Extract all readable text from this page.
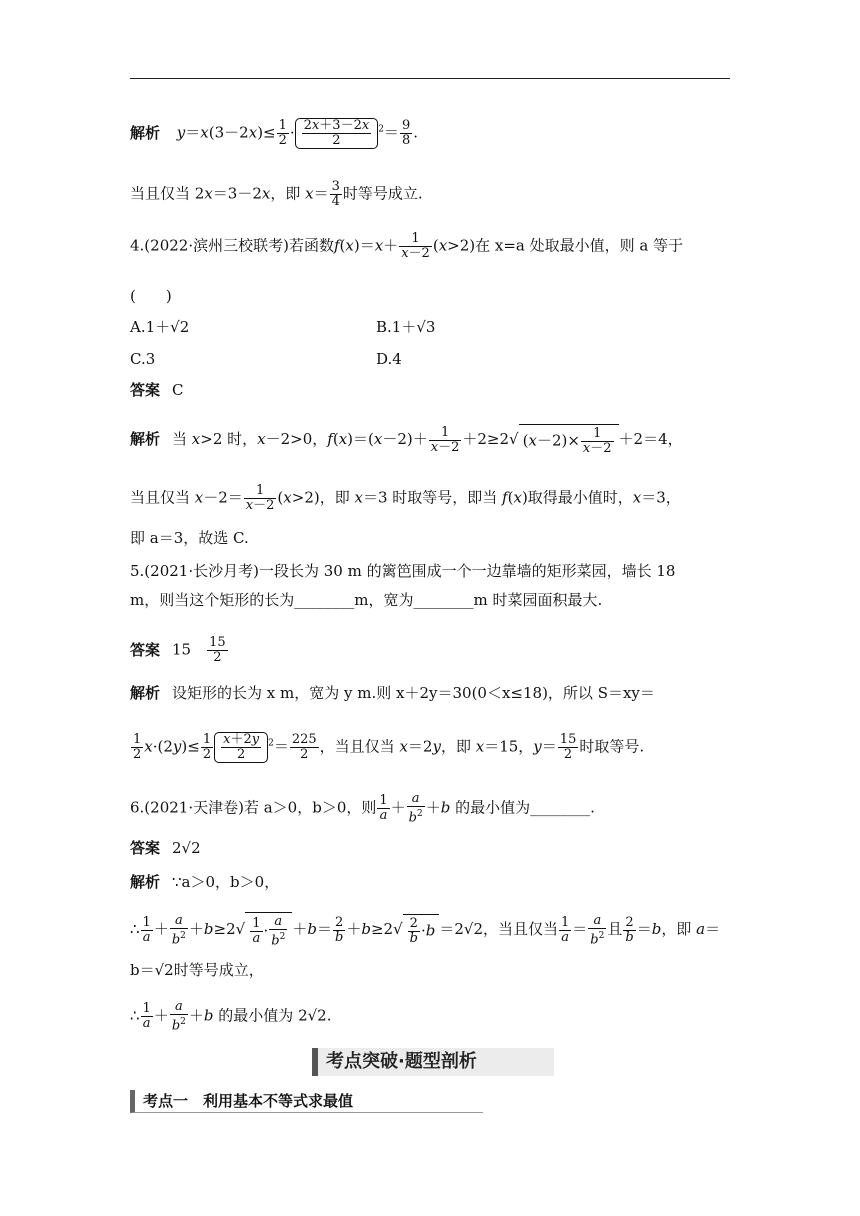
解析 $y=x(3-2x)\le \frac{1}{2} \cdot \frac{2x+3-2x}{2} ^2= \frac{9}{8}$ .
当且仅当 2x＝3－2x，即 $x= \frac{3}{4}$ 时等号成立.
4.(2022·滨州三校联考)若函数$f(x)=x+ \frac{1}{x-2} (x>2)$在 x=a 处取最小值，则 a 等于
(　　)
A.1＋√2	B.1＋√3
C.3	D.4
答案 C
解析 当 x>2 时，x－2>0，$f(x)=(x-2)+ \frac{1}{x-2} +2\ge 2√$ $(x-2)\times \frac{1}{x-2} +2=4$，
当且仅当 $x-2= \frac{1}{x-2} (x>2)$，即 x＝3 时取等号，即当 f(x)取得最小值时，x＝3，
即 a＝3，故选 C.
5.(2021·长沙月考)一段长为 30 m 的篱笆围成一个一边靠墙的矩形菜园，墙长 18
m，则当这个矩形的长为________m，宽为________m 时菜园面积最大.
答案 15　 $\frac{15}{2}$
解析 设矩形的长为 x m，宽为 y m.则 x＋2y＝30(0＜x≤18)，所以 S＝xy＝
$\frac{1}{2} x\cdot(2y)\le \frac{1}{2} \frac{x+2y}{2} ^2= \frac{225}{2}$ ，当且仅当 x＝2y，即 x＝15，$y= \frac{15}{2}$ 时取等号.
6.(2021·天津卷)若 a＞0，b＞0，则 $\frac{1}{a} + \frac{a}{b^2} +b$ 的最小值为________.
答案 2√2
解析 ∵a＞0，b＞0，
∴ $\frac{1}{a} + \frac{a}{b^2} +b\ge 2√ \frac{1}{a} \cdot \frac{a}{b^2} +b= \frac{2}{b} +b\ge 2√ \frac{2}{b} \cdot b =2√2$，当且仅当 $\frac{1}{a} = \frac{a}{b^2}$ 且 $\frac{2}{b} =b$，即 a＝
b＝√2时等号成立，
∴ $\frac{1}{a} + \frac{a}{b^2} +b$ 的最小值为 2√2.
考点突破·题型剖析
考点一　利用基本不等式求最值
